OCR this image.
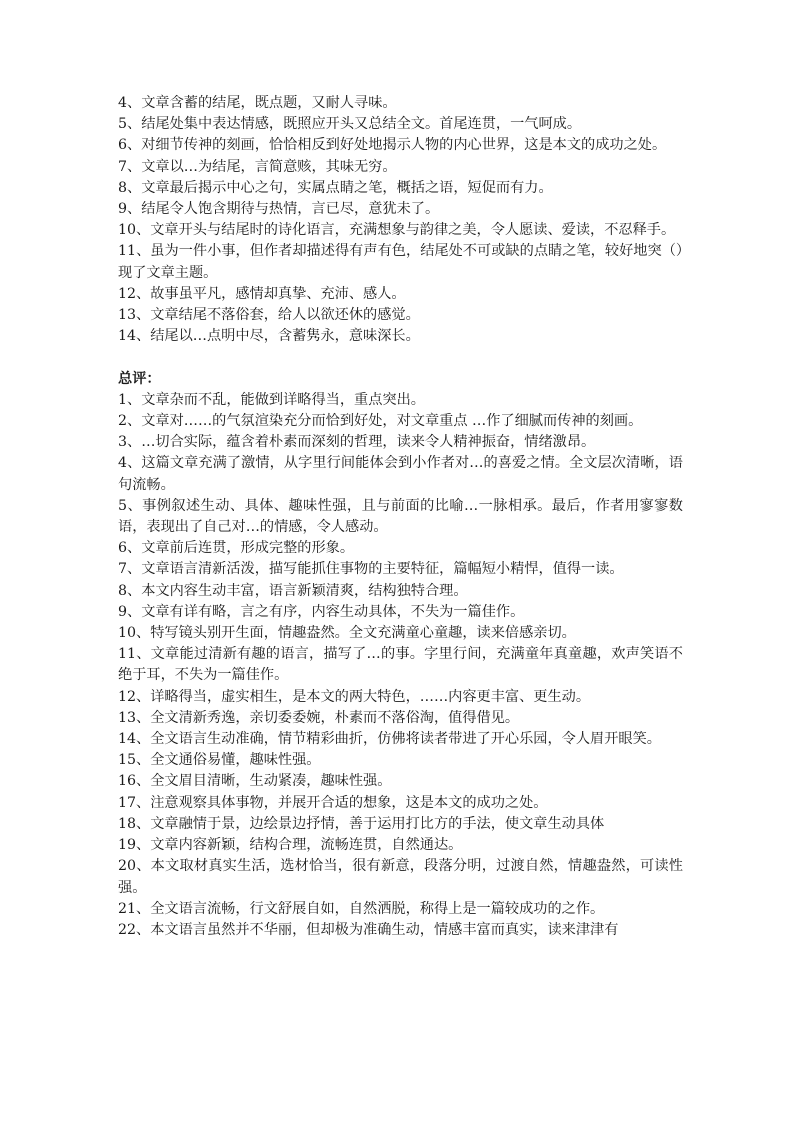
4、文章含蓄的结尾，既点题，又耐人寻味。

5、结尾处集中表达情感，既照应开头又总结全文。首尾连贯，一气呵成。

6、对细节传神的刻画，恰恰相反到好处地揭示人物的内心世界，这是本文的成功之处。

7、文章以…为结尾，言简意赅，其味无穷。

8、文章最后揭示中心之句，实属点睛之笔，概括之语，短促而有力。

9、结尾令人饱含期待与热情，言已尽，意犹未了。

10、文章开头与结尾时的诗化语言，充满想象与韵律之美，令人愿读、爱读，不忍释手。

11、虽为一件小事，但作者却描述得有声有色，结尾处不可或缺的点睛之笔，较好地突（）现了文章主题。

12、故事虽平凡，感情却真挚、充沛、感人。

13、文章结尾不落俗套，给人以欲还休的感觉。

14、结尾以…点明中尽，含蓄隽永，意味深长。

总评：

1、文章杂而不乱，能做到详略得当，重点突出。

2、文章对……的气氛渲染充分而恰到好处，对文章重点 …作了细腻而传神的刻画。

3、…切合实际，蕴含着朴素而深刻的哲理，读来令人精神振奋，情绪激昂。

4、这篇文章充满了激情，从字里行间能体会到小作者对…的喜爱之情。全文层次清晰，语句流畅。

5、事例叙述生动、具体、趣味性强，且与前面的比喻…一脉相承。最后，作者用寥寥数语，表现出了自己对…的情感，令人感动。

6、文章前后连贯，形成完整的形象。

7、文章语言清新活泼，描写能抓住事物的主要特征，篇幅短小精悍，值得一读。

8、本文内容生动丰富，语言新颖清爽，结构独特合理。

9、文章有详有略，言之有序，内容生动具体，不失为一篇佳作。

10、特写镜头别开生面，情趣盎然。全文充满童心童趣，读来倍感亲切。

11、文章能过清新有趣的语言，描写了…的事。字里行间，充满童年真童趣，欢声笑语不绝于耳，不失为一篇佳作。

12、详略得当，虚实相生，是本文的两大特色，……内容更丰富、更生动。

13、全文清新秀逸，亲切委委婉，朴素而不落俗淘，值得借见。

14、全文语言生动准确，情节精彩曲折，仿佛将读者带进了开心乐园，令人眉开眼笑。

15、全文通俗易懂，趣味性强。

16、全文眉目清晰，生动紧凑，趣味性强。

17、注意观察具体事物，并展开合适的想象，这是本文的成功之处。

18、文章融情于景，边绘景边抒情，善于运用打比方的手法，使文章生动具体

19、文章内容新颖，结构合理，流畅连贯，自然通达。

20、本文取材真实生活，选材恰当，很有新意，段落分明，过渡自然，情趣盎然，可读性强。

21、全文语言流畅，行文舒展自如，自然洒脱，称得上是一篇较成功的之作。

22、本文语言虽然并不华丽，但却极为准确生动，情感丰富而真实，读来津津有
